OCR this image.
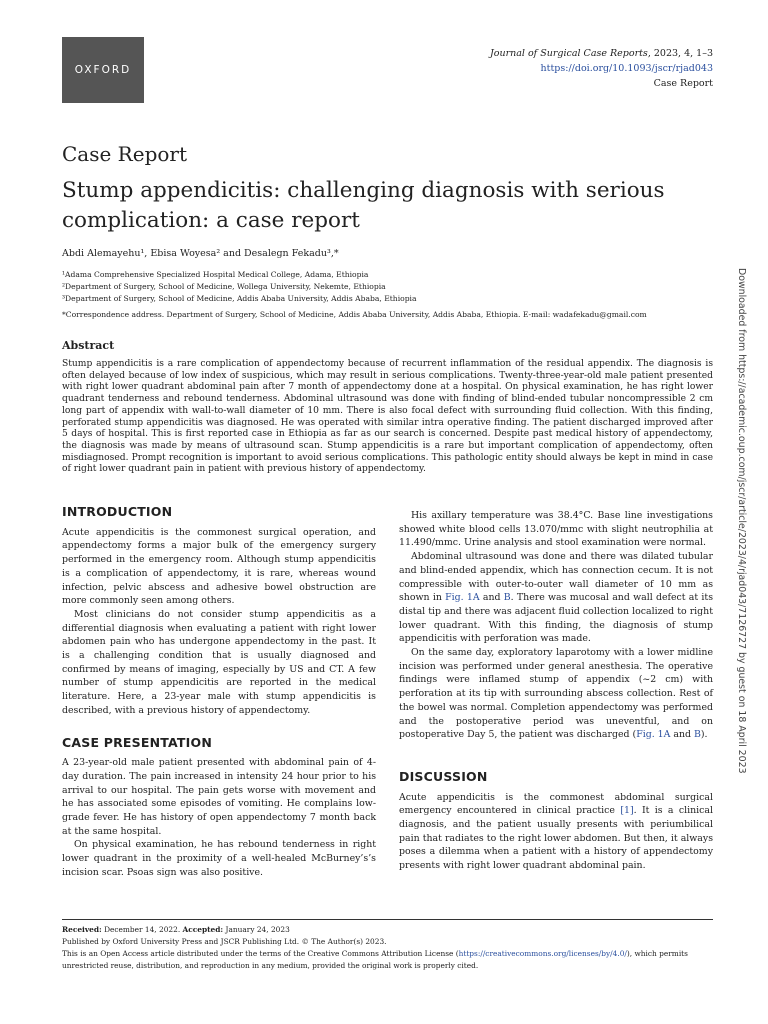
OXFORD
Journal of Surgical Case Reports, 2023, 4, 1–3
https://doi.org/10.1093/jscr/rjad043
Case Report
Case Report
Stump appendicitis: challenging diagnosis with serious complication: a case report
Abdi Alemayehu¹, Ebisa Woyesa² and Desalegn Fekadu³,*
¹Adama Comprehensive Specialized Hospital Medical College, Adama, Ethiopia
²Department of Surgery, School of Medicine, Wollega University, Nekemte, Ethiopia
³Department of Surgery, School of Medicine, Addis Ababa University, Addis Ababa, Ethiopia
*Correspondence address. Department of Surgery, School of Medicine, Addis Ababa University, Addis Ababa, Ethiopia. E-mail: wadafekadu@gmail.com
Abstract

Stump appendicitis is a rare complication of appendectomy because of recurrent inflammation of the residual appendix. The diagnosis is often delayed because of low index of suspicious, which may result in serious complications. Twenty-three-year-old male patient presented with right lower quadrant abdominal pain after 7 month of appendectomy done at a hospital. On physical examination, he has right lower quadrant tenderness and rebound tenderness. Abdominal ultrasound was done with finding of blind-ended tubular noncompressible 2 cm long part of appendix with wall-to-wall diameter of 10 mm. There is also focal defect with surrounding fluid collection. With this finding, perforated stump appendicitis was diagnosed. He was operated with similar intra operative finding. The patient discharged improved after 5 days of hospital. This is first reported case in Ethiopia as far as our search is concerned. Despite past medical history of appendectomy, the diagnosis was made by means of ultrasound scan. Stump appendicitis is a rare but important complication of appendectomy, often misdiagnosed. Prompt recognition is important to avoid serious complications. This pathologic entity should always be kept in mind in case of right lower quadrant pain in patient with previous history of appendectomy.

INTRODUCTION

Acute appendicitis is the commonest surgical operation, and appendectomy forms a major bulk of the emergency surgery performed in the emergency room. Although stump appendicitis is a complication of appendectomy, it is rare, whereas wound infection, pelvic abscess and adhesive bowel obstruction are more commonly seen among others.

Most clinicians do not consider stump appendicitis as a differential diagnosis when evaluating a patient with right lower abdomen pain who has undergone appendectomy in the past. It is a challenging condition that is usually diagnosed and confirmed by means of imaging, especially by US and CT. A few number of stump appendicitis are reported in the medical literature. Here, a 23-year male with stump appendicitis is described, with a previous history of appendectomy.

CASE PRESENTATION

A 23-year-old male patient presented with abdominal pain of 4-day duration. The pain increased in intensity 24 hour prior to his arrival to our hospital. The pain gets worse with movement and he has associated some episodes of vomiting. He complains low-grade fever. He has history of open appendectomy 7 month back at the same hospital.

On physical examination, he has rebound tenderness in right lower quadrant in the proximity of a well-healed McBurney’s’s incision scar. Psoas sign was also positive.

His axillary temperature was 38.4°C. Base line investigations showed white blood cells 13.070/mmc with slight neutrophilia at 11.490/mmc. Urine analysis and stool examination were normal.

Abdominal ultrasound was done and there was dilated tubular and blind-ended appendix, which has connection cecum. It is not compressible with outer-to-outer wall diameter of 10 mm as shown in Fig. 1A and B. There was mucosal and wall defect at its distal tip and there was adjacent fluid collection localized to right lower quadrant. With this finding, the diagnosis of stump appendicitis with perforation was made.

On the same day, exploratory laparotomy with a lower midline incision was performed under general anesthesia. The operative findings were inflamed stump of appendix (~2 cm) with perforation at its tip with surrounding abscess collection. Rest of the bowel was normal. Completion appendectomy was performed and the postoperative period was uneventful, and on postoperative Day 5, the patient was discharged (Fig. 1A and B).

DISCUSSION

Acute appendicitis is the commonest abdominal surgical emergency encountered in clinical practice [1]. It is a clinical diagnosis, and the patient usually presents with periumbilical pain that radiates to the right lower abdomen. But then, it always poses a dilemma when a patient with a history of appendectomy presents with right lower quadrant abdominal pain.

Downloaded from https://academic.oup.com/jscr/article/2023/4/rjad043/7126727 by guest on 18 April 2023
Received: December 14, 2022. Accepted: January 24, 2023
Published by Oxford University Press and JSCR Publishing Ltd. © The Author(s) 2023.
This is an Open Access article distributed under the terms of the Creative Commons Attribution License (https://creativecommons.org/licenses/by/4.0/), which permits unrestricted reuse, distribution, and reproduction in any medium, provided the original work is properly cited.
